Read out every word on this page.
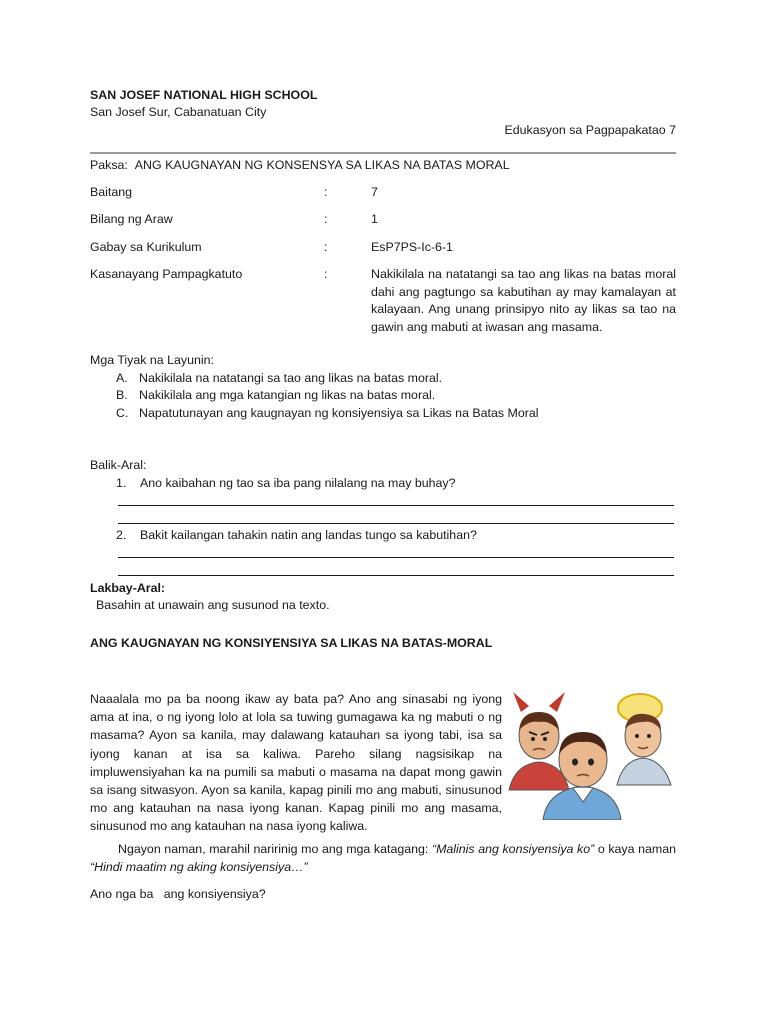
SAN JOSEF NATIONAL HIGH SCHOOL
San Josef Sur, Cabanatuan City
Edukasyon sa Pagpapakatao 7
Paksa: ANG KAUGNAYAN NG KONSENSYA SA LIKAS NA BATAS MORAL
Baitang	:	7
Bilang ng Araw	:	1
Gabay sa Kurikulum	:	EsP7PS-Ic-6-1
Kasanayang Pampagkatuto	:	Nakikilala na natatangi sa tao ang likas na batas moral dahi ang pagtungo sa kabutihan ay may kamalayan at kalayaan. Ang unang prinsipyo nito ay likas sa tao na gawin ang mabuti at iwasan ang masama.
Mga Tiyak na Layunin:
A. Nakikilala na natatangi sa tao ang likas na batas moral.
B. Nakikilala ang mga katangian ng likas na batas moral.
C. Napatutunayan ang kaugnayan ng konsiyensiya sa Likas na Batas Moral
Balik-Aral:
1. Ano kaibahan ng tao sa iba pang nilalang na may buhay?
2. Bakit kailangan tahakin natin ang landas tungo sa kabutihan?
Lakbay-Aral:
Basahin at unawain ang susunod na texto.
ANG KAUGNAYAN NG KONSIYENSIYA SA LIKAS NA BATAS-MORAL
Naaalala mo pa ba noong ikaw ay bata pa? Ano ang sinasabi ng iyong ama at ina, o ng iyong lolo at lola sa tuwing gumagawa ka ng mabuti o ng masama? Ayon sa kanila, may dalawang katauhan sa iyong tabi, isa sa iyong kanan at isa sa kaliwa. Pareho silang nagsisikap na impluwensiyahan ka na pumili sa mabuti o masama na dapat mong gawin sa isang sitwasyon. Ayon sa kanila, kapag pinili mo ang mabuti, sinusunod mo ang katauhan na nasa iyong kanan. Kapag pinili mo ang masama, sinusunod mo ang katauhan na nasa iyong kaliwa.
Ngayon naman, marahil naririnig mo ang mga katagang: “Malinis ang konsiyensiya ko” o kaya naman “Hindi maatim ng aking konsiyensiya…”
Ano nga ba   ang konsiyensiya?
